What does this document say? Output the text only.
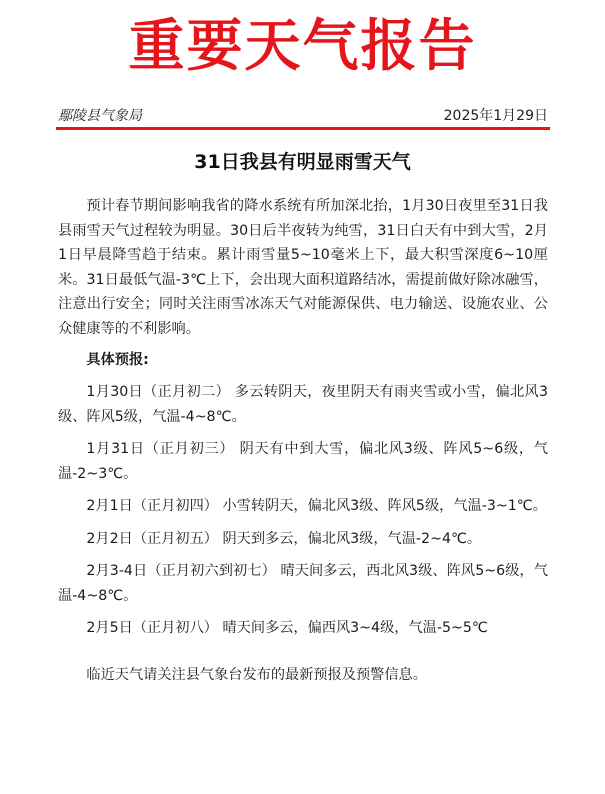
重要天气报告
鄢陵县气象局	2025年1月29日
31日我县有明显雨雪天气

预计春节期间影响我省的降水系统有所加深北抬，1月30日夜里至31日我县雨雪天气过程较为明显。30日后半夜转为纯雪，31日白天有中到大雪，2月1日早晨降雪趋于结束。累计雨雪量5~10毫米上下，最大积雪深度6~10厘米。31日最低气温-3℃上下，会出现大面积道路结冰，需提前做好除冰融雪，注意出行安全；同时关注雨雪冰冻天气对能源保供、电力输送、设施农业、公众健康等的不利影响。

具体预报:

1月30日（正月初二） 多云转阴天，夜里阴天有雨夹雪或小雪，偏北风3级、阵风5级，气温-4~8℃。

1月31日（正月初三） 阴天有中到大雪，偏北风3级、阵风5~6级，气温-2~3℃。

2月1日（正月初四） 小雪转阴天，偏北风3级、阵风5级，气温-3~1℃。

2月2日（正月初五） 阴天到多云，偏北风3级，气温-2~4℃。

2月3-4日（正月初六到初七） 晴天间多云，西北风3级、阵风5~6级，气温-4~8℃。

2月5日（正月初八） 晴天间多云，偏西风3~4级，气温-5~5℃

临近天气请关注县气象台发布的最新预报及预警信息。
